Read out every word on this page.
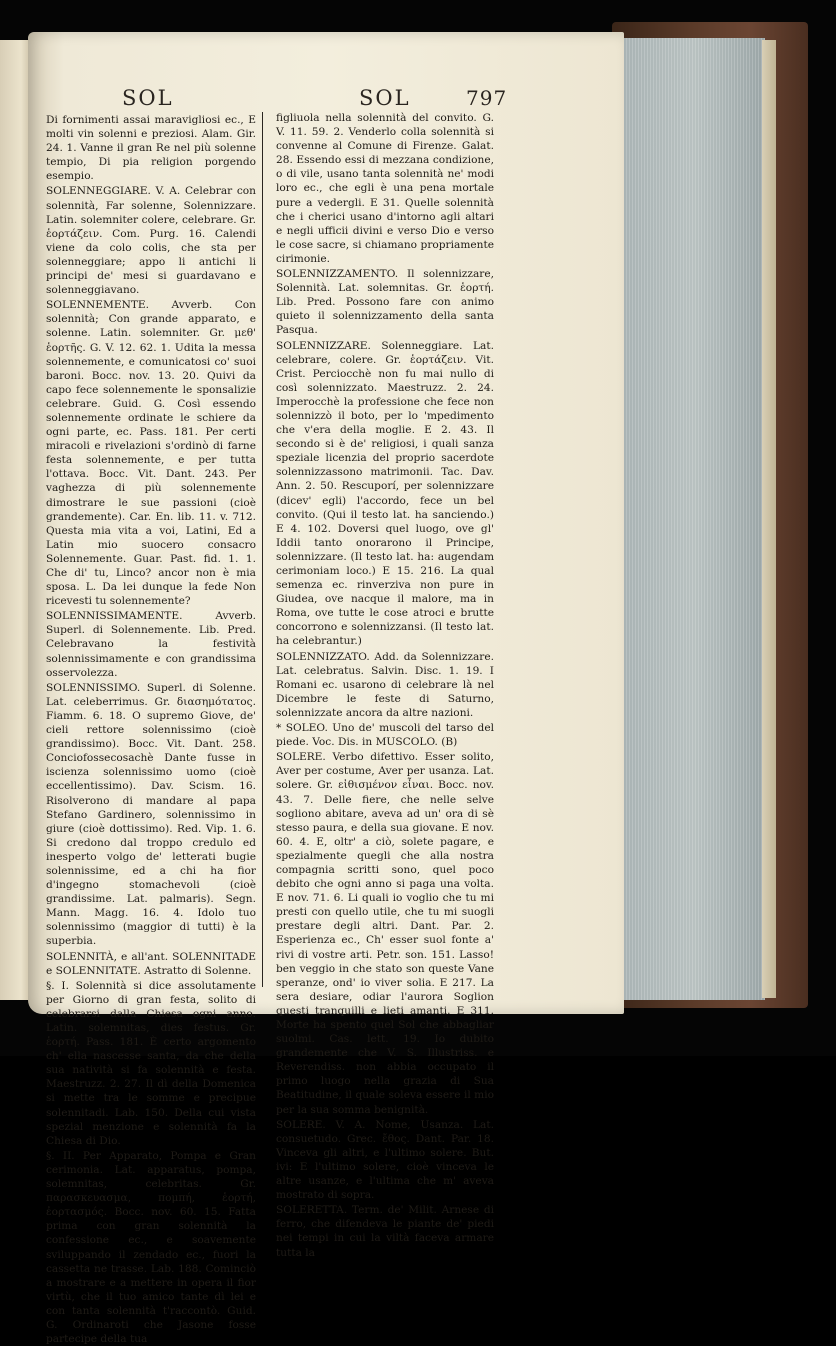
SOL	SOL	797

Di fornimenti assai maravigliosi ec., E molti vin solenni e preziosi. Alam. Gir. 24. 1. Vanne il gran Re nel più solenne tempio, Di pia religion porgendo esempio.

SOLENNEGGIARE. V. A. Celebrar con solennità, Far solenne, Solennizzare. Latin. solemniter colere, celebrare. Gr. ἑορτάζειν. Com. Purg. 16. Calendi viene da colo colis, che sta per solenneggiare; appo li antichi li principi de' mesi si guardavano e solenneggiavano.

SOLENNEMENTE. Avverb. Con solennità; Con grande apparato, e solenne. Latin. solemniter. Gr. μεθ' ἑορτῆς. G. V. 12. 62. 1. Udita la messa solennemente, e comunicatosi co' suoi baroni. Bocc. nov. 13. 20. Quivi da capo fece solennemente le sponsalizie celebrare. Guid. G. Così essendo solennemente ordinate le schiere da ogni parte, ec. Pass. 181. Per certi miracoli e rivelazioni s'ordinò di farne festa solennemente, e per tutta l'ottava. Bocc. Vit. Dant. 243. Per vaghezza di più solennemente dimostrare le sue passioni (cioè grandemente). Car. En. lib. 11. v. 712. Questa mia vita a voi, Latini, Ed a Latin mio suocero consacro Solennemente. Guar. Past. fid. 1. 1. Che di' tu, Linco? ancor non è mia sposa. L. Da lei dunque la fede Non ricevesti tu solennemente?

SOLENNISSIMAMENTE. Avverb. Superl. di Solennemente. Lib. Pred. Celebravano la festività solennissimamente e con grandissima osservolezza.

SOLENNISSIMO. Superl. di Solenne. Lat. celeberrimus. Gr. διασημότατος. Fiamm. 6. 18. O supremo Giove, de' cieli rettore solennissimo (cioè grandissimo). Bocc. Vit. Dant. 258. Conciofossecosachè Dante fusse in iscienza solennissimo uomo (cioè eccellentissimo). Dav. Scism. 16. Risolverono di mandare al papa Stefano Gardinero, solennissimo in giure (cioè dottissimo). Red. Vip. 1. 6. Si credono dal troppo credulo ed inesperto volgo de' letterati bugie solennissime, ed a chi ha fior d'ingegno stomachevoli (cioè grandissime. Lat. palmaris). Segn. Mann. Magg. 16. 4. Idolo tuo solennissimo (maggior di tutti) è la superbia.

SOLENNITÀ, e all'ant. SOLENNITADE e SOLENNITATE. Astratto di Solenne.

§. I. Solennità si dice assolutamente per Giorno di gran festa, solito di celebrarsi dalla Chiesa ogni anno. Latin. solemnitas, dies festus. Gr. ἑορτή. Pass. 181. È certo argomento ch' ella nascesse santa, da che della sua natività si fa solennità e festa. Maestruzz. 2. 27. Il dì della Domenica si mette tra le somme e precipue solennitadi. Lab. 150. Della cui vista spezial menzione e solennità fa la Chiesa di Dio.

§. II. Per Apparato, Pompa e Gran cerimonia. Lat. apparatus, pompa, solemnitas, celebritas. Gr. παρασκευασμα, πομπή, ἑορτή, ἐορτασμός. Bocc. nov. 60. 15. Fatta prima con gran solennità la confessione ec., e soavemente sviluppando il zendado ec., fuori la cassetta ne trasse. Lab. 188. Cominciò a mostrare e a mettere in opera il fior virtù, che il tuo amico tante dì lei e con tanta solennità t'raccontò. Guid. G. Ordinaroti che Jasone fosse partecipe della tua

figliuola nella solennità del convito. G. V. 11. 59. 2. Venderlo colla solennità si convenne al Comune di Firenze. Galat. 28. Essendo essi di mezzana condizione, o di vile, usano tanta solennità ne' modi loro ec., che egli è una pena mortale pure a vedergli. E 31. Quelle solennità che i cherici usano d'intorno agli altari e negli ufficii divini e verso Dio e verso le cose sacre, si chiamano propriamente cirimonie.

SOLENNIZZAMENTO. Il solennizzare, Solennità. Lat. solemnitas. Gr. ἑορτή. Lib. Pred. Possono fare con animo quieto il solennizzamento della santa Pasqua.

SOLENNIZZARE. Solenneggiare. Lat. celebrare, colere. Gr. ἑορτάζειν. Vit. Crist. Perciocchè non fu mai nullo di così solennizzato. Maestruzz. 2. 24. Imperocchè la professione che fece non solennizzò il boto, per lo 'mpedimento che v'era della moglie. E 2. 43. Il secondo si è de' religiosi, i quali sanza speziale licenzia del proprio sacerdote solennizzassono matrimonii. Tac. Dav. Ann. 2. 50. Rescuporí, per solennizzare (dicev' egli) l'accordo, fece un bel convito. (Qui il testo lat. ha sanciendo.) E 4. 102. Doversi quel luogo, ove gl' Iddii tanto onorarono il Principe, solennizzare. (Il testo lat. ha: augendam cerimoniam loco.) E 15. 216. La qual semenza ec. rinverziva non pure in Giudea, ove nacque il malore, ma in Roma, ove tutte le cose atroci e brutte concorrono e solennizzansi. (Il testo lat. ha celebrantur.)

SOLENNIZZATO. Add. da Solennizzare. Lat. celebratus. Salvin. Disc. 1. 19. I Romani ec. usarono di celebrare là nel Dicembre le feste di Saturno, solennizzate ancora da altre nazioni.

* SOLEO. Uno de' muscoli del tarso del piede. Voc. Dis. in MUSCOLO. (B)

SOLERE. Verbo difettivo. Esser solito, Aver per costume, Aver per usanza. Lat. solere. Gr. εἰθισμένον εἶναι. Bocc. nov. 43. 7. Delle fiere, che nelle selve sogliono abitare, aveva ad un' ora di sè stesso paura, e della sua giovane. E nov. 60. 4. E, oltr' a ciò, solete pagare, e spezialmente quegli che alla nostra compagnia scritti sono, quel poco debito che ogni anno si paga una volta. E nov. 71. 6. Li quali io voglio che tu mi presti con quello utile, che tu mi suogli prestare degli altri. Dant. Par. 2. Esperienza ec., Ch' esser suol fonte a' rivi di vostre arti. Petr. son. 151. Lasso! ben veggio in che stato son queste Vane speranze, ond' io viver solia. E 217. La sera desiare, odiar l'aurora Soglion questi tranquilli e lieti amanti. E 311. Morte ha spento quel Sol che abbagliar suolmi. Cas. lett. 19. Io dubito grandemente che V. S. Illustriss. e Reverendiss. non abbia occupato il primo luogo nella grazia di Sua Beatitudine, il quale soleva essere il mio per la sua somma benignità.

SOLERE. V. A. Nome, Usanza. Lat. consuetudo. Grec. ἔθος. Dant. Par. 18. Vinceva gli altri, e l'ultimo solere. But. ivi: E l'ultimo solere, cioè vinceva le altre usanze, e l'ultima che m' aveva mostrato di sopra.

SOLERETTA. Term. de' Milit. Arnese di ferro, che difendeva le piante de' piedi nei tempi in cui la viltà faceva armare tutta la
